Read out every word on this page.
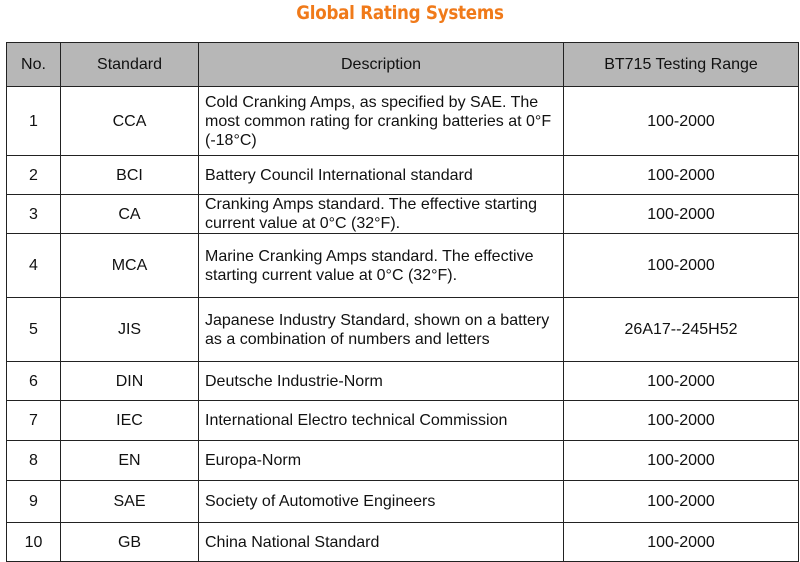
Global Rating Systems
No.	Standard	Description	BT715 Testing Range
1	CCA	Cold Cranking Amps, as specified by SAE. The most common rating for cranking batteries at 0°F (-18°C)	100-2000
2	BCI	Battery Council International standard	100-2000
3	CA	Cranking Amps standard. The effective starting current value at 0°C (32°F).	100-2000
4	MCA	Marine Cranking Amps standard. The effective starting current value at 0°C (32°F).	100-2000
5	JIS	Japanese Industry Standard, shown on a battery as a combination of numbers and letters	26A17--245H52
6	DIN	Deutsche Industrie-Norm	100-2000
7	IEC	International Electro technical Commission	100-2000
8	EN	Europa-Norm	100-2000
9	SAE	Society of Automotive Engineers	100-2000
10	GB	China National Standard	100-2000
